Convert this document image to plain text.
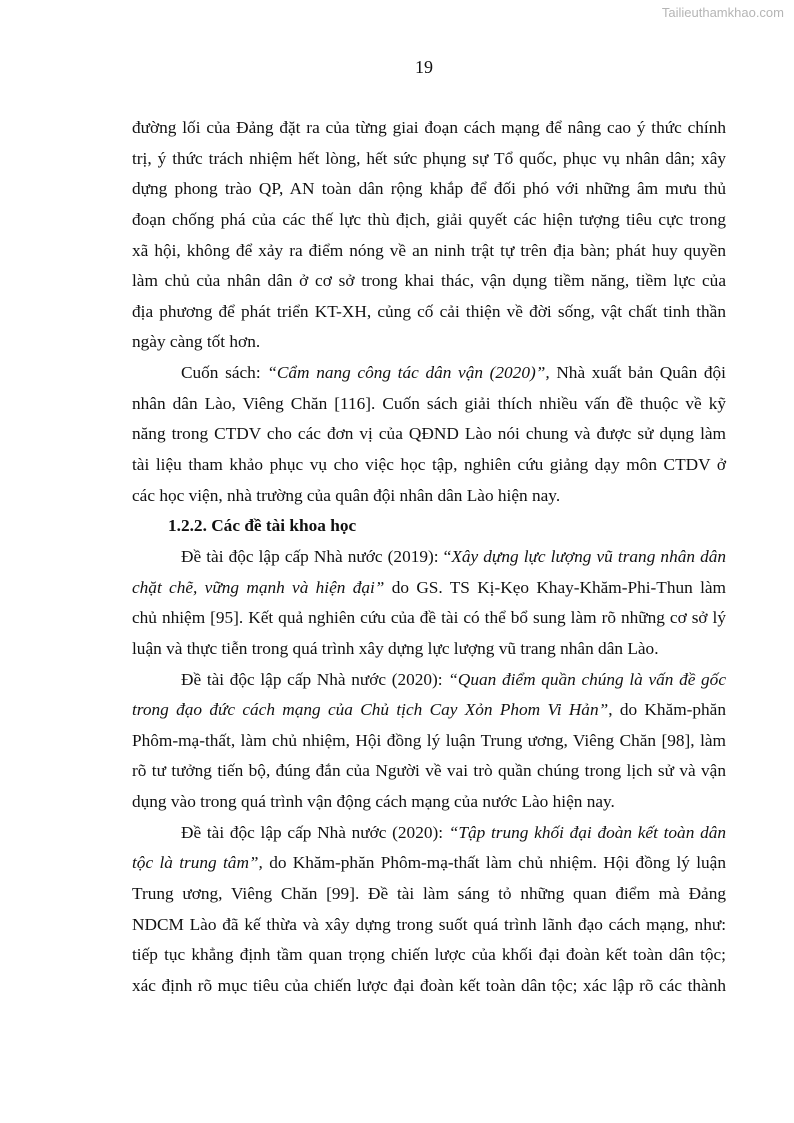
Tailieuthamkhao.com
19
đường lối của Đảng đặt ra của từng giai đoạn cách mạng để nâng cao ý thức chính
trị, ý thức trách nhiệm hết lòng, hết sức phụng sự Tổ quốc, phục vụ nhân dân; xây
dựng phong trào QP, AN toàn dân rộng khắp để đối phó với những âm mưu thủ
đoạn chống phá của các thế lực thù địch, giải quyết các hiện tượng tiêu cực trong
xã hội, không để xảy ra điểm nóng về an ninh trật tự trên địa bàn; phát huy quyền
làm chủ của nhân dân ở cơ sở trong khai thác, vận dụng tiềm năng, tiềm lực của
địa phương để phát triển KT-XH, củng cố cải thiện về đời sống, vật chất tinh thần
ngày càng tốt hơn.
Cuốn sách: “Cẩm nang công tác dân vận (2020)”, Nhà xuất bản Quân đội
nhân dân Lào, Viêng Chăn [116]. Cuốn sách giải thích nhiều vấn đề thuộc về kỹ
năng trong CTDV cho các đơn vị của QĐND Lào nói chung và được sử dụng làm
tài liệu tham khảo phục vụ cho việc học tập, nghiên cứu giảng dạy môn CTDV ở
các học viện, nhà trường của quân đội nhân dân Lào hiện nay.
1.2.2. Các đề tài khoa học
Đề tài độc lập cấp Nhà nước (2019): “Xây dựng lực lượng vũ trang nhân dân
chặt chẽ, vững mạnh và hiện đại” do GS. TS Kị-Kẹo Khay-Khăm-Phi-Thun làm
chủ nhiệm [95]. Kết quả nghiên cứu của đề tài có thể bổ sung làm rõ những cơ sở lý
luận và thực tiễn trong quá trình xây dựng lực lượng vũ trang nhân dân Lào.
Đề tài độc lập cấp Nhà nước (2020): “Quan điểm quần chúng là vấn đề gốc
trong đạo đức cách mạng của Chủ tịch Cay Xỏn Phom Vi Hản”, do Khăm-phăn
Phôm-mạ-thất, làm chủ nhiệm, Hội đồng lý luận Trung ương, Viêng Chăn [98], làm
rõ tư tưởng tiến bộ, đúng đắn của Người về vai trò quần chúng trong lịch sử và vận
dụng vào trong quá trình vận động cách mạng của nước Lào hiện nay.
Đề tài độc lập cấp Nhà nước (2020): “Tập trung khối đại đoàn kết toàn dân
tộc là trung tâm”, do Khăm-phăn Phôm-mạ-thất làm chủ nhiệm. Hội đồng lý luận
Trung ương, Viêng Chăn [99]. Đề tài làm sáng tỏ những quan điểm mà Đảng
NDCM Lào đã kế thừa và xây dựng trong suốt quá trình lãnh đạo cách mạng, như:
tiếp tục khẳng định tầm quan trọng chiến lược của khối đại đoàn kết toàn dân tộc;
xác định rõ mục tiêu của chiến lược đại đoàn kết toàn dân tộc; xác lập rõ các thành
